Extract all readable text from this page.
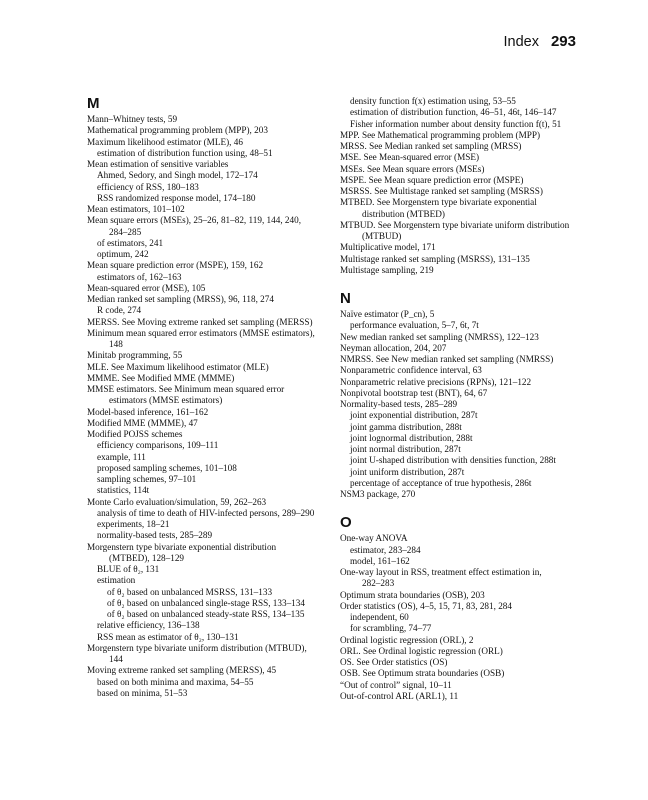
Index 293
M
Mann–Whitney tests, 59
Mathematical programming problem (MPP), 203
Maximum likelihood estimator (MLE), 46
estimation of distribution function using, 48–51
Mean estimation of sensitive variables
Ahmed, Sedory, and Singh model, 172–174
efficiency of RSS, 180–183
RSS randomized response model, 174–180
Mean estimators, 101–102
Mean square errors (MSEs), 25–26, 81–82, 119, 144, 240,
284–285
of estimators, 241
optimum, 242
Mean square prediction error (MSPE), 159, 162
estimators of, 162–163
Mean-squared error (MSE), 105
Median ranked set sampling (MRSS), 96, 118, 274
R code, 274
MERSS. See Moving extreme ranked set sampling (MERSS)
Minimum mean squared error estimators (MMSE estimators),
148
Minitab programming, 55
MLE. See Maximum likelihood estimator (MLE)
MMME. See Modified MME (MMME)
MMSE estimators. See Minimum mean squared error
estimators (MMSE estimators)
Model-based inference, 161–162
Modified MME (MMME), 47
Modified POJSS schemes
efficiency comparisons, 109–111
example, 111
proposed sampling schemes, 101–108
sampling schemes, 97–101
statistics, 114t
Monte Carlo evaluation/simulation, 59, 262–263
analysis of time to death of HIV-infected persons, 289–290
experiments, 18–21
normality-based tests, 285–289
Morgenstern type bivariate exponential distribution
(MTBED), 128–129
BLUE of θ₂, 131
estimation
of θ₂ based on unbalanced MSRSS, 131–133
of θ₂ based on unbalanced single-stage RSS, 133–134
of θ₂ based on unbalanced steady-state RSS, 134–135
relative efficiency, 136–138
RSS mean as estimator of θ₂, 130–131
Morgenstern type bivariate uniform distribution (MTBUD),
144
Moving extreme ranked set sampling (MERSS), 45
based on both minima and maxima, 54–55
based on minima, 51–53
density function f(x) estimation using, 53–55
estimation of distribution function, 46–51, 46t, 146–147
Fisher information number about density function f(t), 51
MPP. See Mathematical programming problem (MPP)
MRSS. See Median ranked set sampling (MRSS)
MSE. See Mean-squared error (MSE)
MSEs. See Mean square errors (MSEs)
MSPE. See Mean square prediction error (MSPE)
MSRSS. See Multistage ranked set sampling (MSRSS)
MTBED. See Morgenstern type bivariate exponential
distribution (MTBED)
MTBUD. See Morgenstern type bivariate uniform distribution
(MTBUD)
Multiplicative model, 171
Multistage ranked set sampling (MSRSS), 131–135
Multistage sampling, 219
N
Naïve estimator (P_cn), 5
performance evaluation, 5–7, 6t, 7t
New median ranked set sampling (NMRSS), 122–123
Neyman allocation, 204, 207
NMRSS. See New median ranked set sampling (NMRSS)
Nonparametric confidence interval, 63
Nonparametric relative precisions (RPNs), 121–122
Nonpivotal bootstrap test (BNT), 64, 67
Normality-based tests, 285–289
joint exponential distribution, 287t
joint gamma distribution, 288t
joint lognormal distribution, 288t
joint normal distribution, 287t
joint U-shaped distribution with densities function, 288t
joint uniform distribution, 287t
percentage of acceptance of true hypothesis, 286t
NSM3 package, 270
O
One-way ANOVA
estimator, 283–284
model, 161–162
One-way layout in RSS, treatment effect estimation in,
282–283
Optimum strata boundaries (OSB), 203
Order statistics (OS), 4–5, 15, 71, 83, 281, 284
independent, 60
for scrambling, 74–77
Ordinal logistic regression (ORL), 2
ORL. See Ordinal logistic regression (ORL)
OS. See Order statistics (OS)
OSB. See Optimum strata boundaries (OSB)
“Out of control” signal, 10–11
Out-of-control ARL (ARL1), 11
